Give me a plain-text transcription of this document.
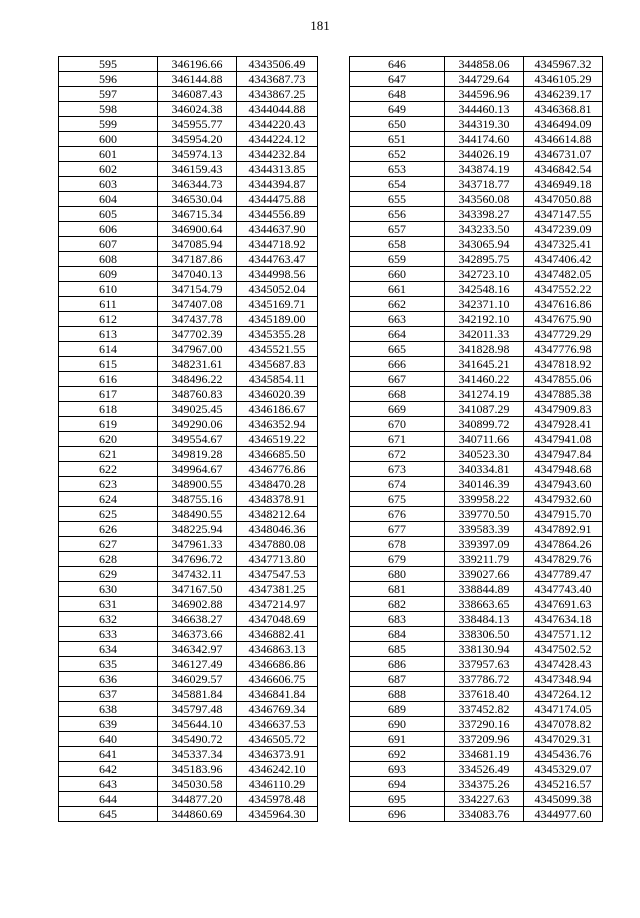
181
595	346196.66	4343506.49
596	346144.88	4343687.73
597	346087.43	4343867.25
598	346024.38	4344044.88
599	345955.77	4344220.43
600	345954.20	4344224.12
601	345974.13	4344232.84
602	346159.43	4344313.85
603	346344.73	4344394.87
604	346530.04	4344475.88
605	346715.34	4344556.89
606	346900.64	4344637.90
607	347085.94	4344718.92
608	347187.86	4344763.47
609	347040.13	4344998.56
610	347154.79	4345052.04
611	347407.08	4345169.71
612	347437.78	4345189.00
613	347702.39	4345355.28
614	347967.00	4345521.55
615	348231.61	4345687.83
616	348496.22	4345854.11
617	348760.83	4346020.39
618	349025.45	4346186.67
619	349290.06	4346352.94
620	349554.67	4346519.22
621	349819.28	4346685.50
622	349964.67	4346776.86
623	348900.55	4348470.28
624	348755.16	4348378.91
625	348490.55	4348212.64
626	348225.94	4348046.36
627	347961.33	4347880.08
628	347696.72	4347713.80
629	347432.11	4347547.53
630	347167.50	4347381.25
631	346902.88	4347214.97
632	346638.27	4347048.69
633	346373.66	4346882.41
634	346342.97	4346863.13
635	346127.49	4346686.86
636	346029.57	4346606.75
637	345881.84	4346841.84
638	345797.48	4346769.34
639	345644.10	4346637.53
640	345490.72	4346505.72
641	345337.34	4346373.91
642	345183.96	4346242.10
643	345030.58	4346110.29
644	344877.20	4345978.48
645	344860.69	4345964.30
646	344858.06	4345967.32
647	344729.64	4346105.29
648	344596.96	4346239.17
649	344460.13	4346368.81
650	344319.30	4346494.09
651	344174.60	4346614.88
652	344026.19	4346731.07
653	343874.19	4346842.54
654	343718.77	4346949.18
655	343560.08	4347050.88
656	343398.27	4347147.55
657	343233.50	4347239.09
658	343065.94	4347325.41
659	342895.75	4347406.42
660	342723.10	4347482.05
661	342548.16	4347552.22
662	342371.10	4347616.86
663	342192.10	4347675.90
664	342011.33	4347729.29
665	341828.98	4347776.98
666	341645.21	4347818.92
667	341460.22	4347855.06
668	341274.19	4347885.38
669	341087.29	4347909.83
670	340899.72	4347928.41
671	340711.66	4347941.08
672	340523.30	4347947.84
673	340334.81	4347948.68
674	340146.39	4347943.60
675	339958.22	4347932.60
676	339770.50	4347915.70
677	339583.39	4347892.91
678	339397.09	4347864.26
679	339211.79	4347829.76
680	339027.66	4347789.47
681	338844.89	4347743.40
682	338663.65	4347691.63
683	338484.13	4347634.18
684	338306.50	4347571.12
685	338130.94	4347502.52
686	337957.63	4347428.43
687	337786.72	4347348.94
688	337618.40	4347264.12
689	337452.82	4347174.05
690	337290.16	4347078.82
691	337209.96	4347029.31
692	334681.19	4345436.76
693	334526.49	4345329.07
694	334375.26	4345216.57
695	334227.63	4345099.38
696	334083.76	4344977.60
